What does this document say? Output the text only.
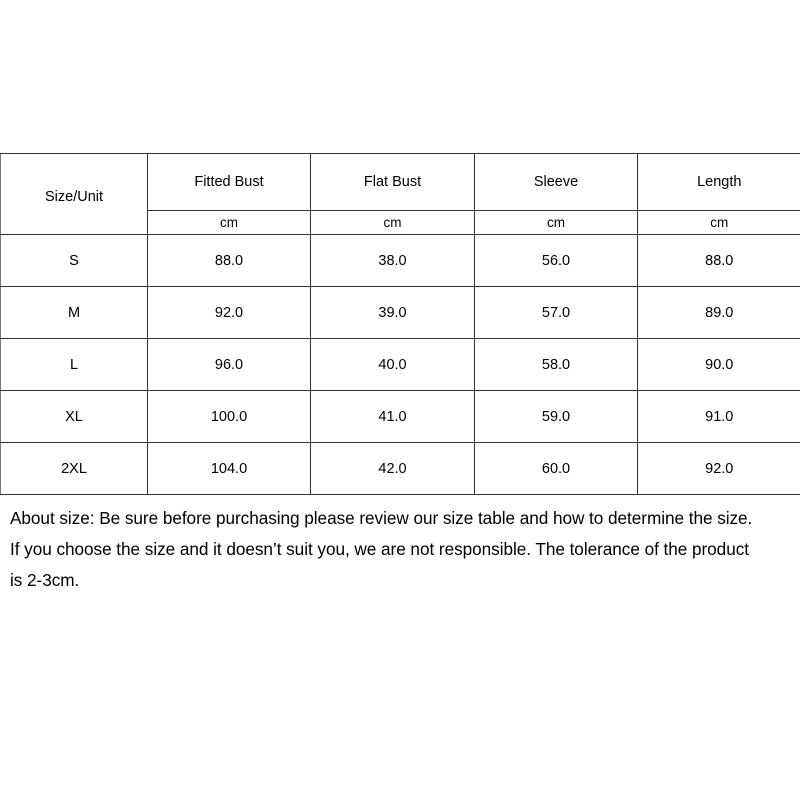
Size/Unit	Fitted Bust	Flat Bust	Sleeve	Length
	cm	cm	cm	cm
S	88.0	38.0	56.0	88.0
M	92.0	39.0	57.0	89.0
L	96.0	40.0	58.0	90.0
XL	100.0	41.0	59.0	91.0
2XL	104.0	42.0	60.0	92.0

About size: Be sure before purchasing please review our size table and how to determine the size.

If you choose the size and it doesn’t suit you, we are not responsible. The tolerance of the product

is 2-3cm.
